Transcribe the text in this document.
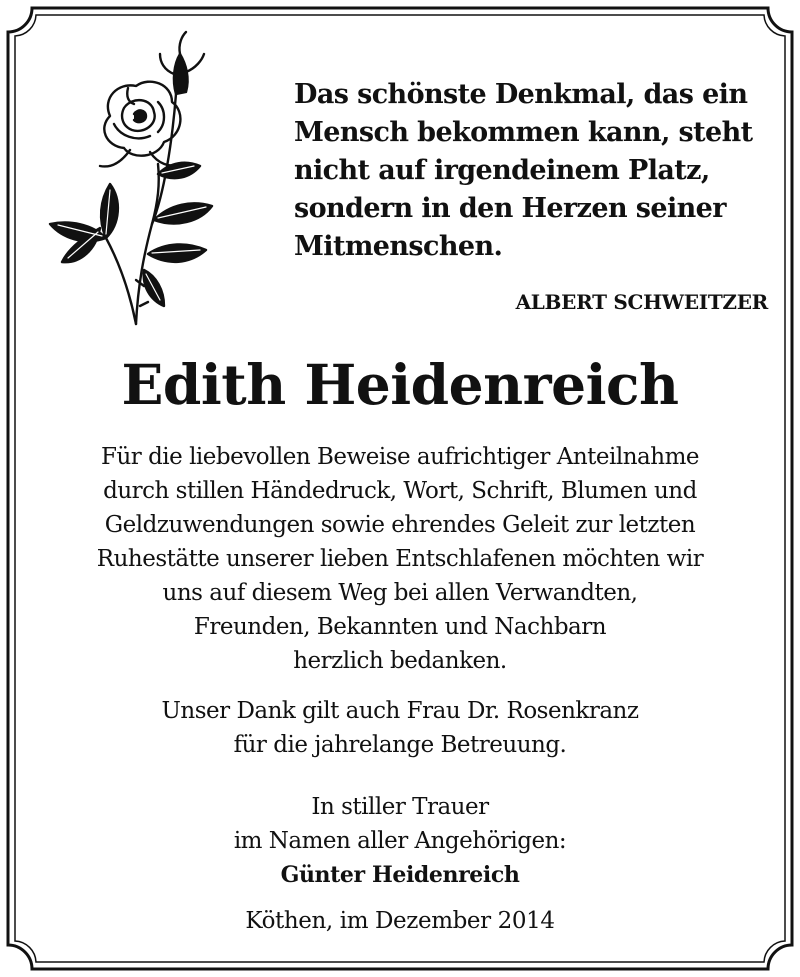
Das schönste Denkmal, das ein
Mensch bekommen kann, steht
nicht auf irgendeinem Platz,
sondern in den Herzen seiner
Mitmenschen.
ALBERT SCHWEITZER
Edith Heidenreich
Für die liebevollen Beweise aufrichtiger Anteilnahme
durch stillen Händedruck, Wort, Schrift, Blumen und
Geldzuwendungen sowie ehrendes Geleit zur letzten
Ruhestätte unserer lieben Entschlafenen möchten wir
uns auf diesem Weg bei allen Verwandten,
Freunden, Bekannten und Nachbarn
herzlich bedanken.
Unser Dank gilt auch Frau Dr. Rosenkranz
für die jahrelange Betreuung.
In stiller Trauer
im Namen aller Angehörigen:
Günter Heidenreich
Köthen, im Dezember 2014
